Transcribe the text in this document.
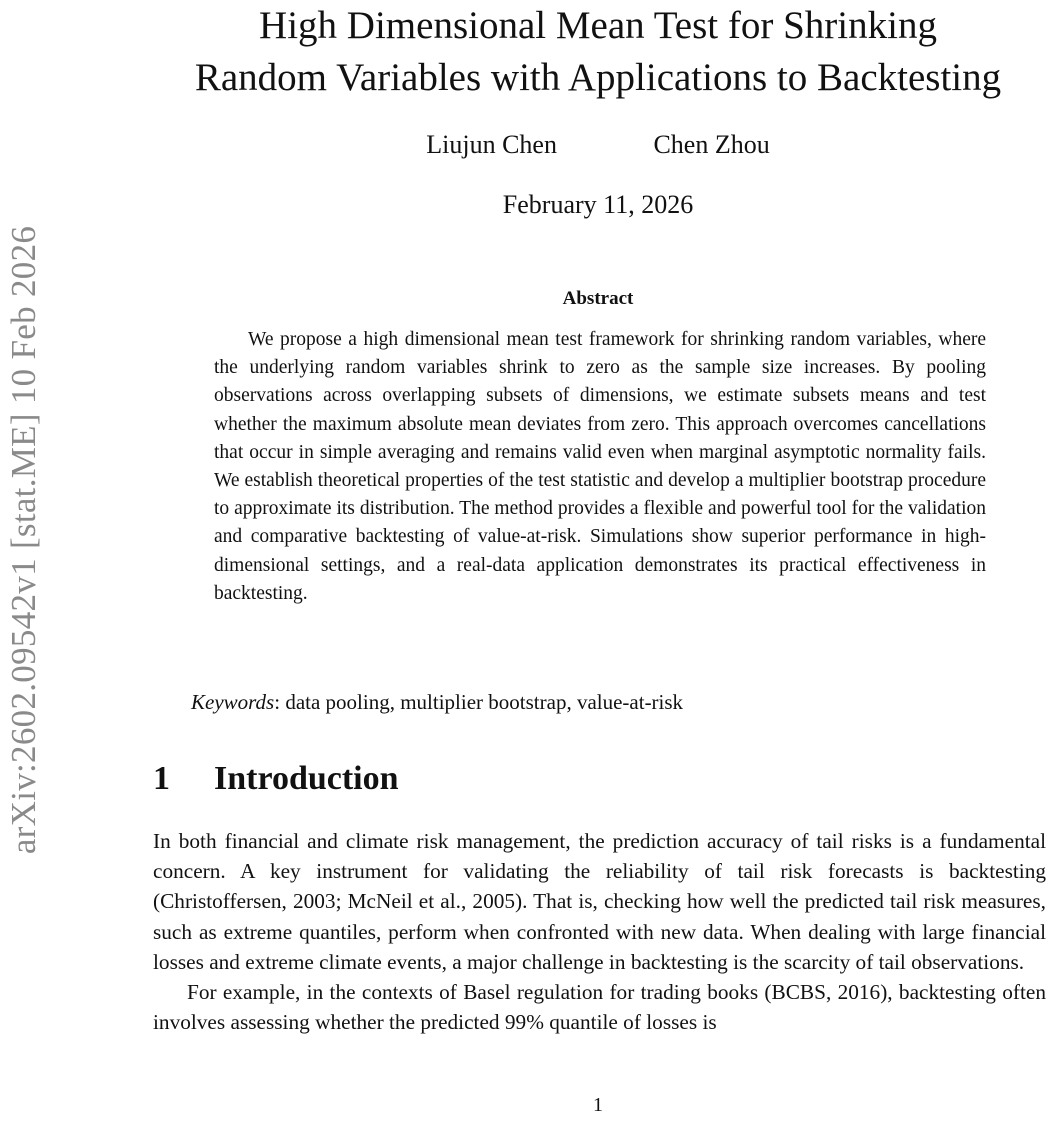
arXiv:2602.09542v1 [stat.ME] 10 Feb 2026
High Dimensional Mean Test for Shrinking
Random Variables with Applications to Backtesting
Liujun Chen	Chen Zhou
February 11, 2026
Abstract

We propose a high dimensional mean test framework for shrinking random variables, where the underlying random variables shrink to zero as the sample size increases. By pooling observations across overlapping subsets of dimensions, we estimate subsets means and test whether the maximum absolute mean deviates from zero. This approach overcomes cancellations that occur in simple averaging and remains valid even when marginal asymptotic normality fails. We establish theoretical properties of the test statistic and develop a multiplier bootstrap procedure to approximate its distribution. The method provides a flexible and powerful tool for the validation and comparative backtesting of value-at-risk. Simulations show superior performance in high-dimensional settings, and a real-data application demonstrates its practical effectiveness in backtesting.

Keywords: data pooling, multiplier bootstrap, value-at-risk
1 Introduction

In both financial and climate risk management, the prediction accuracy of tail risks is a fundamental concern. A key instrument for validating the reliability of tail risk forecasts is backtesting (Christoffersen, 2003; McNeil et al., 2005). That is, checking how well the predicted tail risk measures, such as extreme quantiles, perform when confronted with new data. When dealing with large financial losses and extreme climate events, a major challenge in backtesting is the scarcity of tail observations.

For example, in the contexts of Basel regulation for trading books (BCBS, 2016), backtesting often involves assessing whether the predicted 99% quantile of losses is

1
